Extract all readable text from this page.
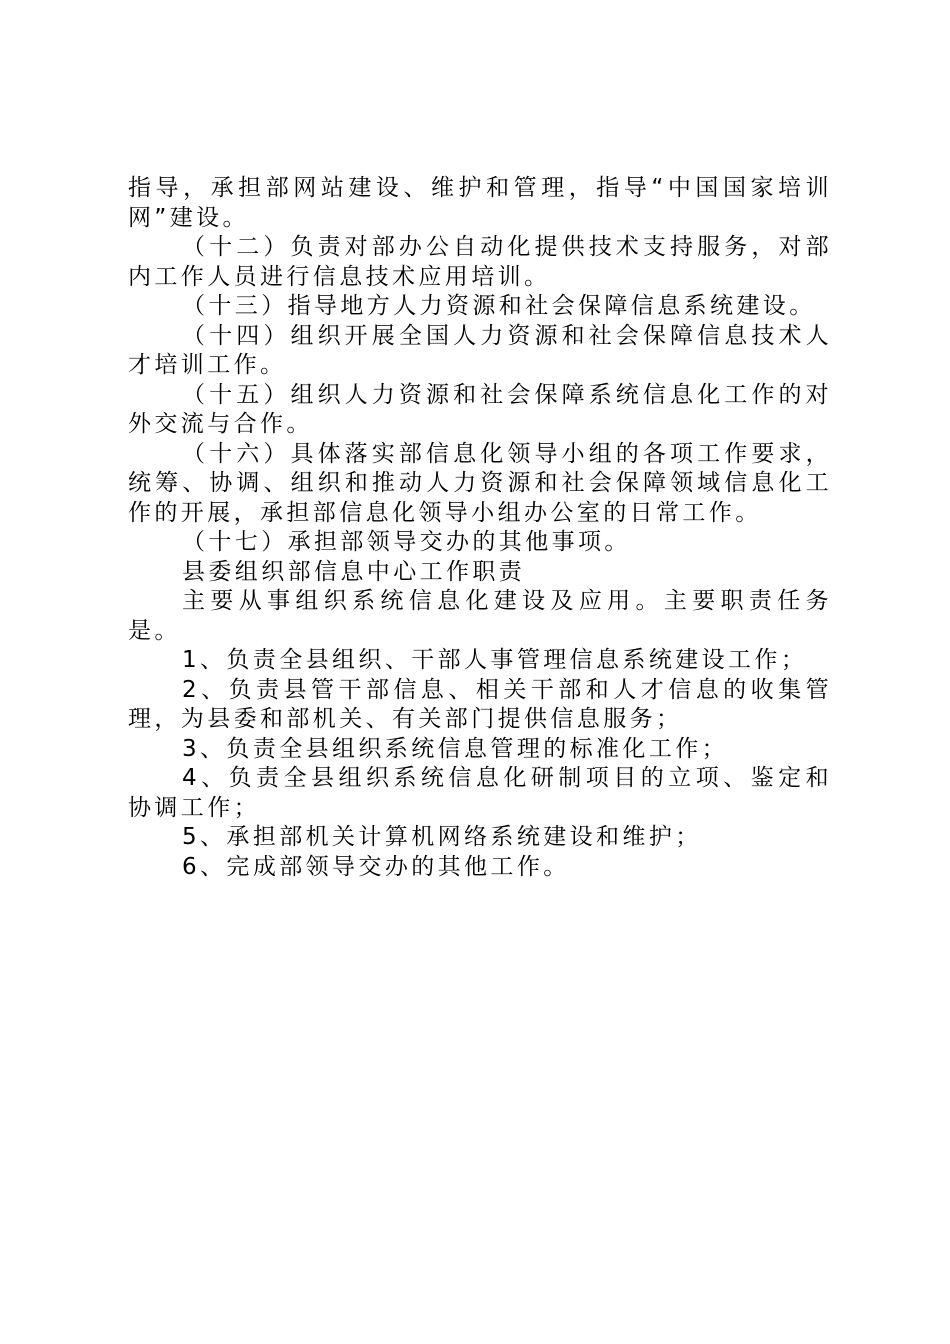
指导，承担部网站建设、维护和管理，指导“中国国家培训网”建设。

（十二）负责对部办公自动化提供技术支持服务，对部内工作人员进行信息技术应用培训。

（十三）指导地方人力资源和社会保障信息系统建设。

（十四）组织开展全国人力资源和社会保障信息技术人才培训工作。

（十五）组织人力资源和社会保障系统信息化工作的对外交流与合作。

（十六）具体落实部信息化领导小组的各项工作要求，统筹、协调、组织和推动人力资源和社会保障领域信息化工作的开展，承担部信息化领导小组办公室的日常工作。

（十七）承担部领导交办的其他事项。

县委组织部信息中心工作职责

主要从事组织系统信息化建设及应用。主要职责任务是。

1、负责全县组织、干部人事管理信息系统建设工作；

2、负责县管干部信息、相关干部和人才信息的收集管理，为县委和部机关、有关部门提供信息服务；

3、负责全县组织系统信息管理的标准化工作；

4、负责全县组织系统信息化研制项目的立项、鉴定和协调工作；

5、承担部机关计算机网络系统建设和维护；

6、完成部领导交办的其他工作。
